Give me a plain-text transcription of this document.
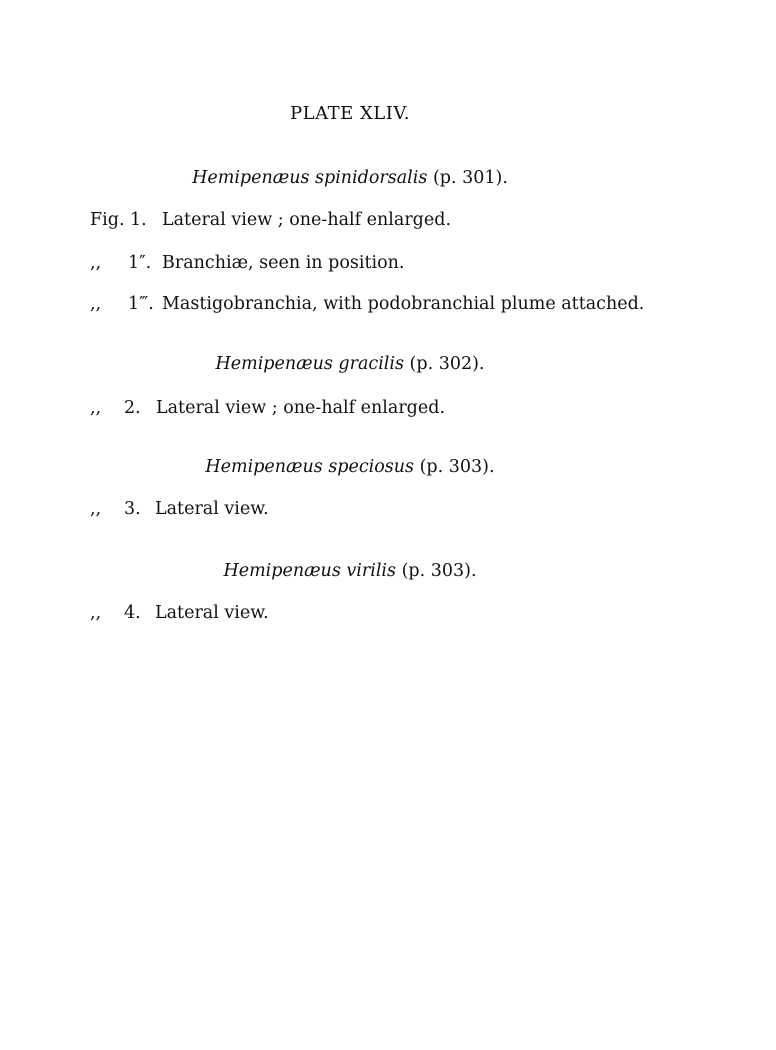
PLATE XLIV.
Hemipenæus spinidorsalis (p. 301).
Fig. 1. Lateral view ; one-half enlarged.
,, 1″. Branchiæ, seen in position.
,, 1‴. Mastigobranchia, with podobranchial plume attached.
Hemipenæus gracilis (p. 302).
,, 2. Lateral view ; one-half enlarged.
Hemipenæus speciosus (p. 303).
,, 3. Lateral view.
Hemipenæus virilis (p. 303).
,, 4. Lateral view.
